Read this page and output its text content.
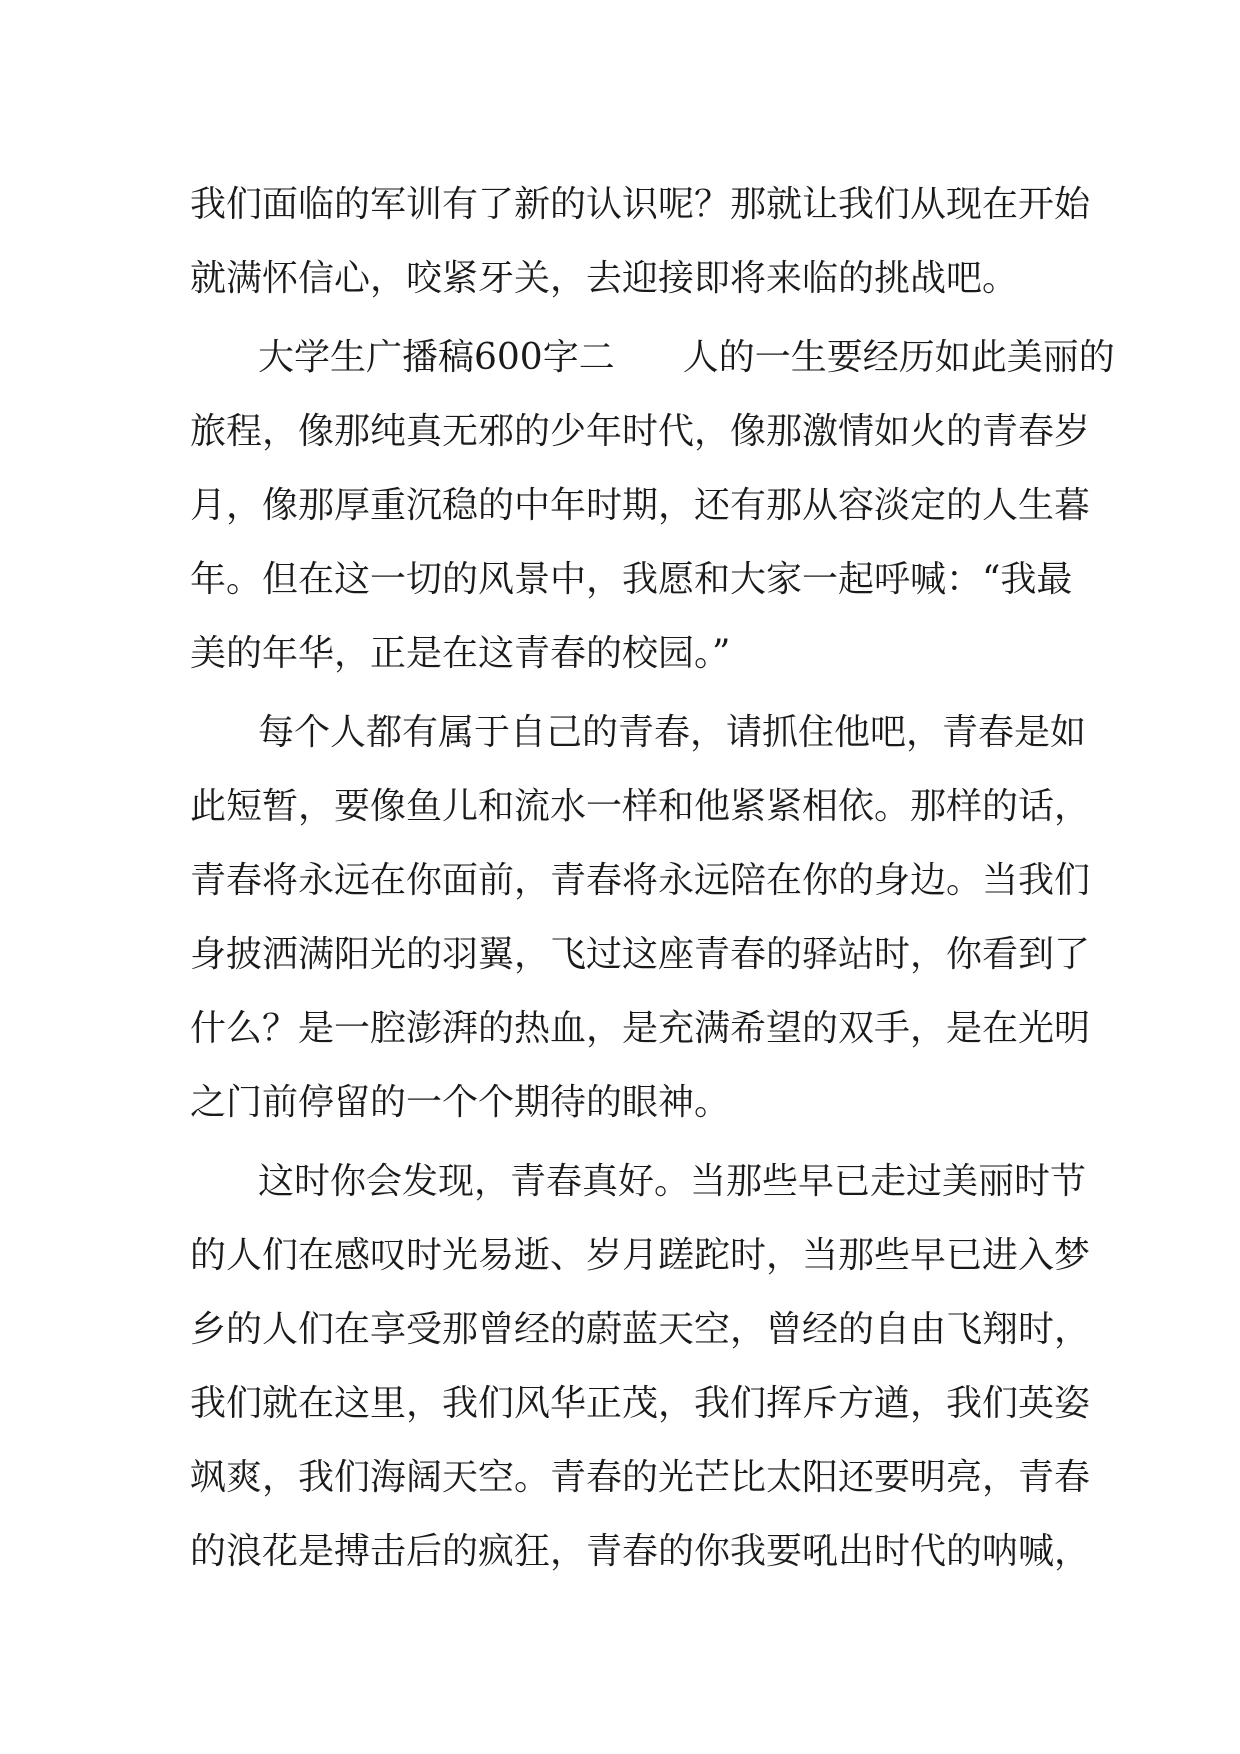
我们面临的军训有了新的认识呢？那就让我们从现在开始
就满怀信心，咬紧牙关，去迎接即将来临的挑战吧。
大学生广播稿600字二 人的一生要经历如此美丽的
旅程，像那纯真无邪的少年时代，像那激情如火的青春岁
月，像那厚重沉稳的中年时期，还有那从容淡定的人生暮
年。但在这一切的风景中，我愿和大家一起呼喊：“我最
美的年华，正是在这青春的校园。”
每个人都有属于自己的青春，请抓住他吧，青春是如
此短暂，要像鱼儿和流水一样和他紧紧相依。那样的话，
青春将永远在你面前，青春将永远陪在你的身边。当我们
身披洒满阳光的羽翼，飞过这座青春的驿站时，你看到了
什么？是一腔澎湃的热血，是充满希望的双手，是在光明
之门前停留的一个个期待的眼神。
这时你会发现，青春真好。当那些早已走过美丽时节
的人们在感叹时光易逝、岁月蹉跎时，当那些早已进入梦
乡的人们在享受那曾经的蔚蓝天空，曾经的自由飞翔时，
我们就在这里，我们风华正茂，我们挥斥方遒，我们英姿
飒爽，我们海阔天空。青春的光芒比太阳还要明亮，青春
的浪花是搏击后的疯狂，青春的你我要吼出时代的呐喊，
